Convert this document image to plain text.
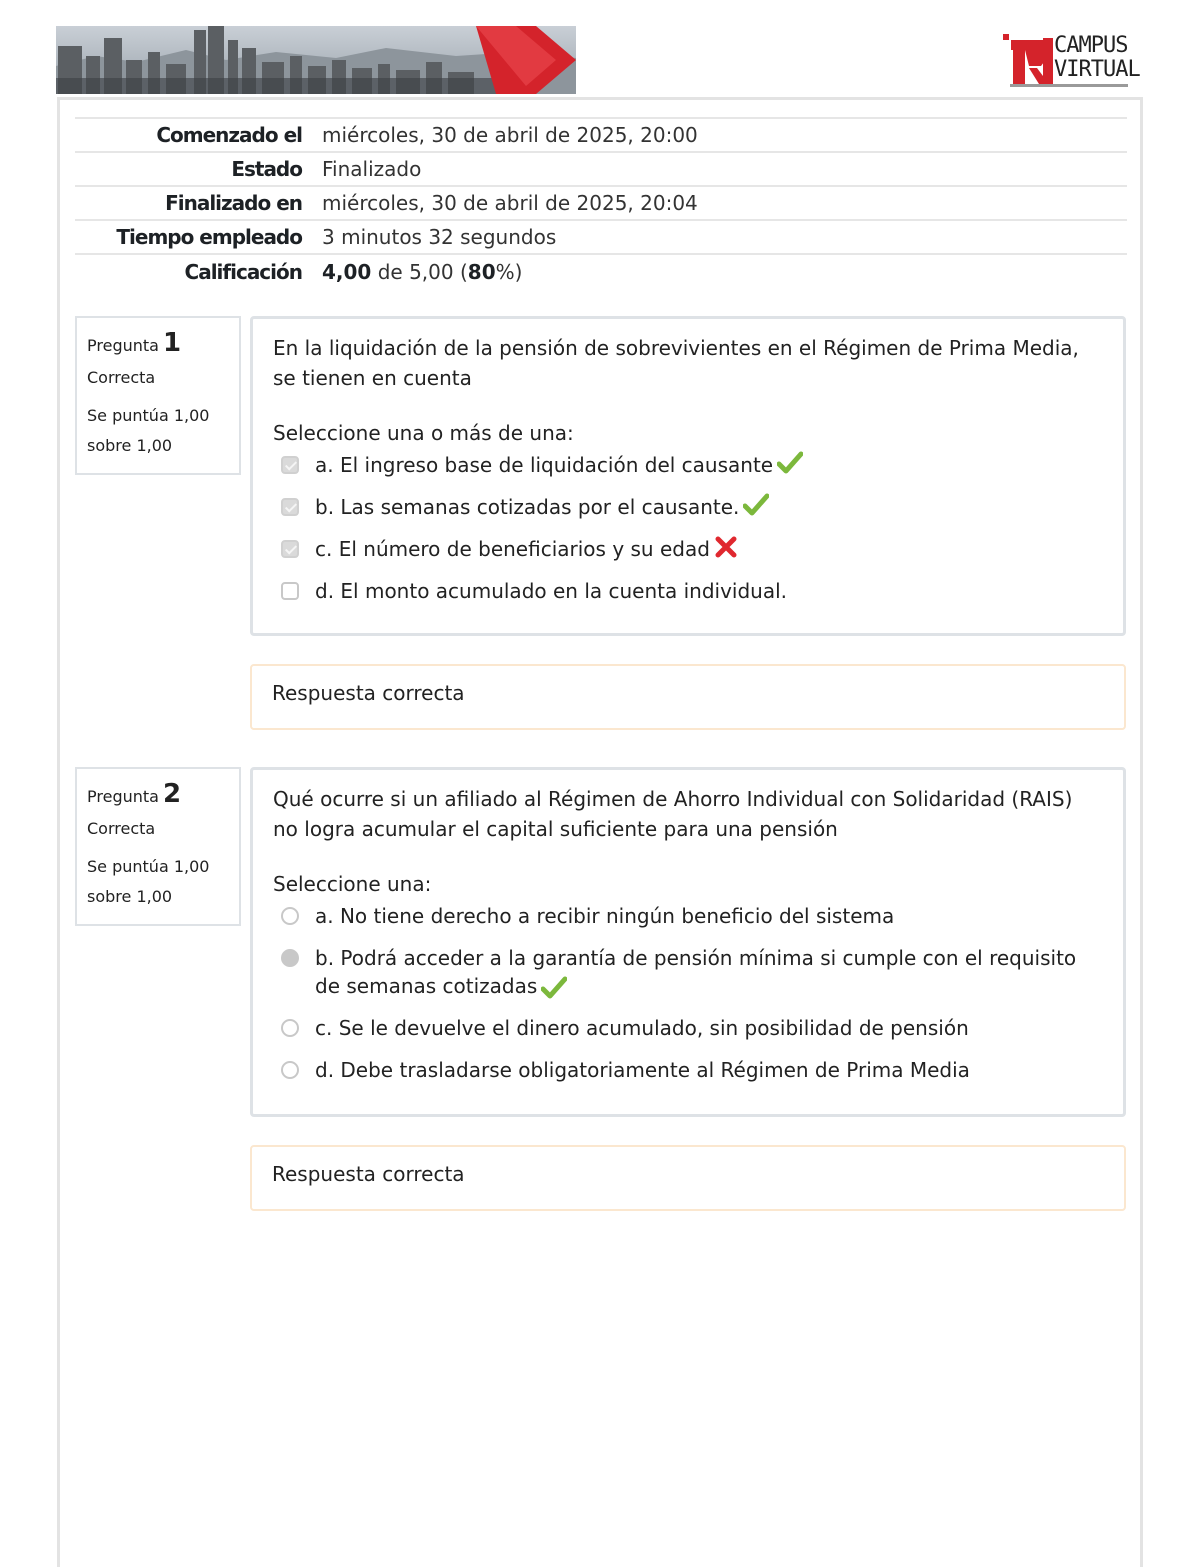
CAMPUS
VIRTUAL
Comenzado el	miércoles, 30 de abril de 2025, 20:00
Estado	Finalizado
Finalizado en	miércoles, 30 de abril de 2025, 20:04
Tiempo empleado	3 minutos 32 segundos
Calificación	4,00 de 5,00 (80%)
Pregunta 1
Correcta
Se puntúa 1,00
sobre 1,00
En la liquidación de la pensión de sobrevivientes en el Régimen de Prima Media, se tienen en cuenta
Seleccione una o más de una:
a. El ingreso base de liquidación del causante
b. Las semanas cotizadas por el causante.
c. El número de beneficiarios y su edad
d. El monto acumulado en la cuenta individual.
Respuesta correcta
Pregunta 2
Correcta
Se puntúa 1,00
sobre 1,00
Qué ocurre si un afiliado al Régimen de Ahorro Individual con Solidaridad (RAIS) no logra acumular el capital suficiente para una pensión
Seleccione una:
a. No tiene derecho a recibir ningún beneficio del sistema
b. Podrá acceder a la garantía de pensión mínima si cumple con el requisito de semanas cotizadas
c. Se le devuelve el dinero acumulado, sin posibilidad de pensión
d. Debe trasladarse obligatoriamente al Régimen de Prima Media
Respuesta correcta
